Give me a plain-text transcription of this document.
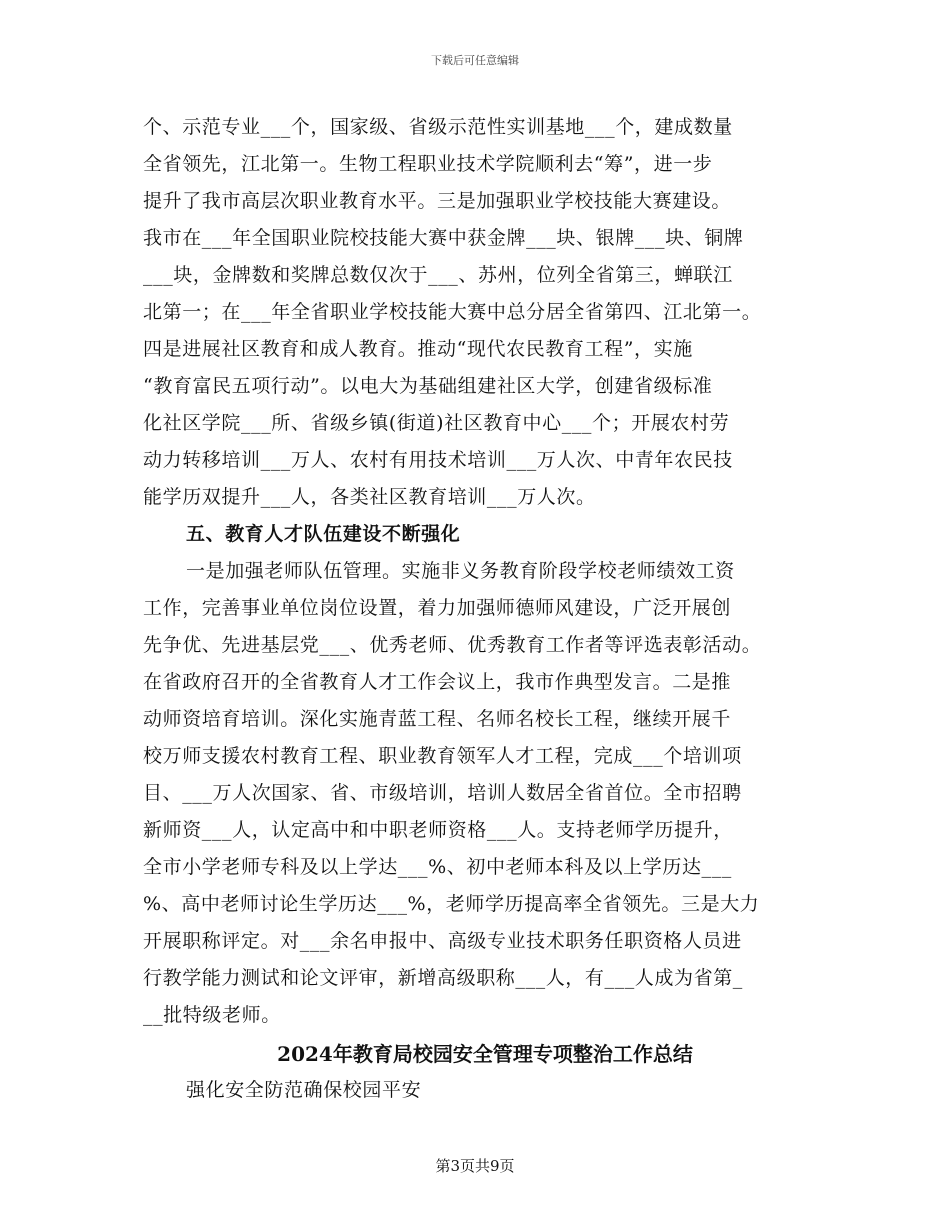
下载后可任意编辑
个、示范专业___个，国家级、省级示范性实训基地___个，建成数量
全省领先，江北第一。生物工程职业技术学院顺利去“筹”，进一步
提升了我市高层次职业教育水平。三是加强职业学校技能大赛建设。
我市在___年全国职业院校技能大赛中获金牌___块、银牌___块、铜牌
___块，金牌数和奖牌总数仅次于___、苏州，位列全省第三，蝉联江
北第一；在___年全省职业学校技能大赛中总分居全省第四、江北第一。
四是进展社区教育和成人教育。推动“现代农民教育工程”，实施
“教育富民五项行动”。以电大为基础组建社区大学，创建省级标准
化社区学院___所、省级乡镇(街道)社区教育中心___个；开展农村劳
动力转移培训___万人、农村有用技术培训___万人次、中青年农民技
能学历双提升___人，各类社区教育培训___万人次。
五、教育人才队伍建设不断强化
一是加强老师队伍管理。实施非义务教育阶段学校老师绩效工资
工作，完善事业单位岗位设置，着力加强师德师风建设，广泛开展创
先争优、先进基层党___、优秀老师、优秀教育工作者等评选表彰活动。
在省政府召开的全省教育人才工作会议上，我市作典型发言。二是推
动师资培育培训。深化实施青蓝工程、名师名校长工程，继续开展千
校万师支援农村教育工程、职业教育领军人才工程，完成___个培训项
目、___万人次国家、省、市级培训，培训人数居全省首位。全市招聘
新师资___人，认定高中和中职老师资格___人。支持老师学历提升，
全市小学老师专科及以上学达___%、初中老师本科及以上学历达___
%、高中老师讨论生学历达___%，老师学历提高率全省领先。三是大力
开展职称评定。对___余名申报中、高级专业技术职务任职资格人员进
行教学能力测试和论文评审，新增高级职称___人，有___人成为省第_
__批特级老师。
2024年教育局校园安全管理专项整治工作总结
强化安全防范确保校园平安
第3页共9页
